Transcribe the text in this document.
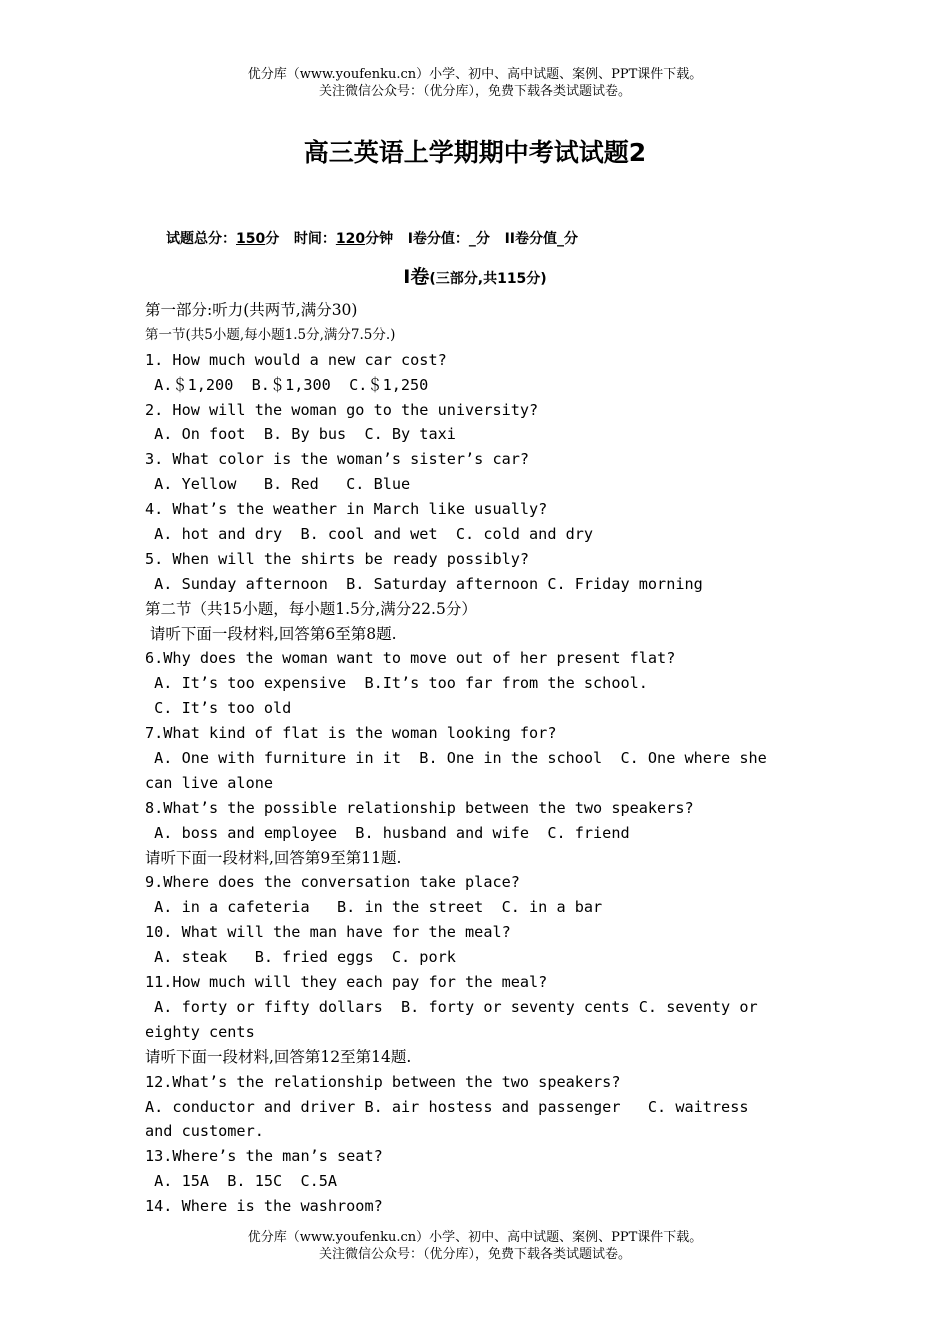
优分库（www.youfenku.cn）小学、初中、高中试题、案例、PPT课件下载。
关注微信公众号：（优分库），免费下载各类试题试卷。
高三英语上学期期中考试试题2
试题总分：150分   时间：120分钟   I卷分值：_分   II卷分值_分
I卷(三部分,共115分)
第一部分:听力(共两节,满分30)
第一节(共5小题,每小题1.5分,满分7.5分.)
1. How much would a new car cost?
A.＄1,200  B.＄1,300  C.＄1,250
2. How will the woman go to the university?
A. On foot  B. By bus  C. By taxi
3. What color is the woman’s sister’s car?
A. Yellow   B. Red   C. Blue
4. What’s the weather in March like usually?
A. hot and dry  B. cool and wet  C. cold and dry
5. When will the shirts be ready possibly?
A. Sunday afternoon  B. Saturday afternoon C. Friday morning
第二节（共15小题，每小题1.5分,满分22.5分）
请听下面一段材料,回答第6至第8题.
6.Why does the woman want to move out of her present flat?
A. It’s too expensive  B.It’s too far from the school.
C. It’s too old
7.What kind of flat is the woman looking for?
A. One with furniture in it  B. One in the school  C. One where she
can live alone
8.What’s the possible relationship between the two speakers?
A. boss and employee  B. husband and wife  C. friend
请听下面一段材料,回答第9至第11题.
9.Where does the conversation take place?
A. in a cafeteria   B. in the street  C. in a bar
10. What will the man have for the meal?
A. steak   B. fried eggs  C. pork
11.How much will they each pay for the meal?
A. forty or fifty dollars  B. forty or seventy cents C. seventy or
eighty cents
请听下面一段材料,回答第12至第14题.
12.What’s the relationship between the two speakers?
A. conductor and driver B. air hostess and passenger   C. waitress
and customer.
13.Where’s the man’s seat?
A. 15A  B. 15C  C.5A
14. Where is the washroom?
优分库（www.youfenku.cn）小学、初中、高中试题、案例、PPT课件下载。
关注微信公众号：（优分库），免费下载各类试题试卷。
